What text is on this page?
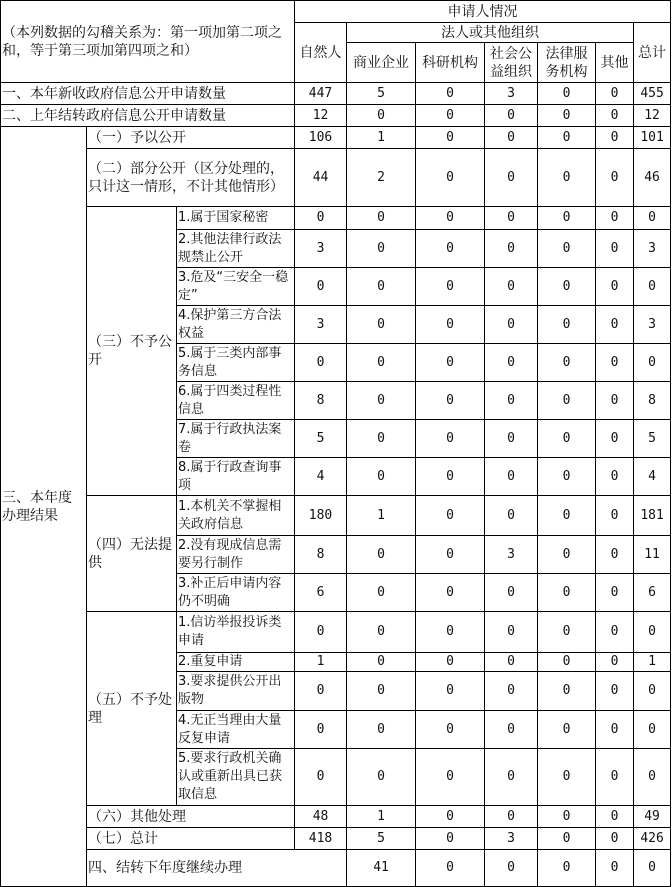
（本列数据的勾稽关系为：第一项加第二项之和，等于第三项加第四项之和）			申请人情况							
			自然人	法人或其他组织					总计	
				商业企业	科研机构	社会公益组织	法律服务机构	其他		
一、本年新收政府信息公开申请数量			447	5	0	3	0	0	455	
二、上年结转政府信息公开申请数量			12	0	0	0	0	0	12	
三、本年度办理结果	（一）予以公开		106	1	0	0	0	0	101	
	（二）部分公开（区分处理的，只计这一情形，不计其他情形）		44	2	0	0	0	0	46	
	（三）不予公开	1.属于国家秘密	0	0	0	0	0	0	0	
		2.其他法律行政法规禁止公开	3	0	0	0	0	0	3	
		3.危及“三安全一稳定”	0	0	0	0	0	0	0	
		4.保护第三方合法权益	3	0	0	0	0	0	3	
		5.属于三类内部事务信息	0	0	0	0	0	0	0	
		6.属于四类过程性信息	8	0	0	0	0	0	8	
		7.属于行政执法案卷	5	0	0	0	0	0	5	
		8.属于行政查询事项	4	0	0	0	0	0	4	
	（四）无法提供	1.本机关不掌握相关政府信息	180	1	0	0	0	0	181	
		2.没有现成信息需要另行制作	8	0	0	3	0	0	11	
		3.补正后申请内容仍不明确	6	0	0	0	0	0	6	
	（五）不予处理	1.信访举报投诉类申请	0	0	0	0	0	0	0	
		2.重复申请	1	0	0	0	0	0	1	
		3.要求提供公开出版物	0	0	0	0	0	0	0	
		4.无正当理由大量反复申请	0	0	0	0	0	0	0	
		5.要求行政机关确认或重新出具已获取信息	0	0	0	0	0	0	0	
	（六）其他处理		48	1	0	0	0	0	49	
	（七）总计		418	5	0	3	0	0	426	
	四、结转下年度继续办理			41	0	0	0	0	0	
